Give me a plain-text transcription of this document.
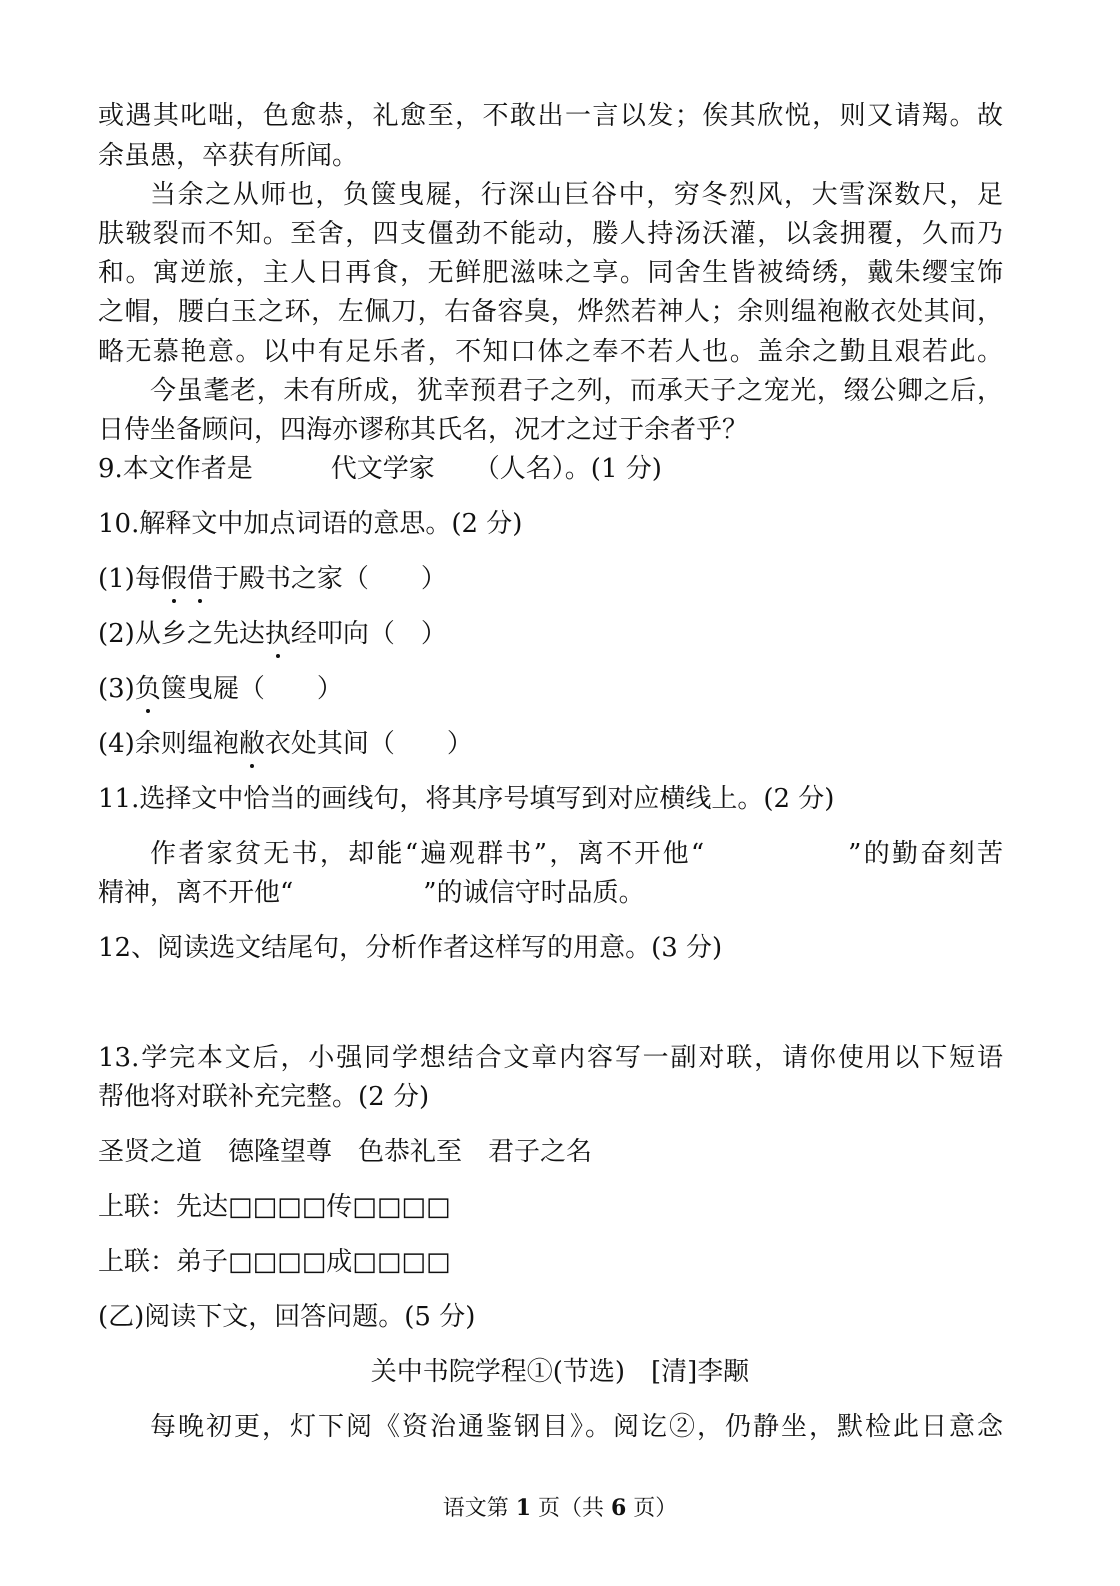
或遇其叱咄，色愈恭，礼愈至，不敢出一言以发；俟其欣悦，则又请羯。故
余虽愚，卒获有所闻。
当余之从师也，负箧曳屣，行深山巨谷中，穷冬烈风，大雪深数尺，足
肤皲裂而不知。至舍，四支僵劲不能动，媵人持汤沃灌，以衾拥覆，久而乃
和。寓逆旅，主人日再食，无鲜肥滋味之享。同舍生皆被绮绣，戴朱缨宝饰
之帽，腰白玉之环，左佩刀，右备容臭，烨然若神人；余则缊袍敝衣处其间，
略无慕艳意。以中有足乐者，不知口体之奉不若人也。盖余之勤且艰若此。
今虽耄老，未有所成，犹幸预君子之列，而承天子之宠光，缀公卿之后，
日侍坐备顾问，四海亦谬称其氏名，况才之过于余者乎？
9.本文作者是　　　代文学家　　（人名）。(1 分)
10.解释文中加点词语的意思。(2 分)
(1)每假借于殿书之家（　　）
(2)从乡之先达执经叩向（　）
(3)负箧曳屣（　　）
(4)余则缊袍敝衣处其间（　　）
11.选择文中恰当的画线句，将其序号填写到对应横线上。(2 分)
作者家贫无书，却能“遍观群书”，离不开他“　　　　　”的勤奋刻苦
精神，离不开他“　　　　　”的诚信守时品质。
12、阅读选文结尾句，分析作者这样写的用意。(3 分)
13.学完本文后，小强同学想结合文章内容写一副对联，请你使用以下短语
帮他将对联补充完整。(2 分)
圣贤之道　德隆望尊　色恭礼至　君子之名
上联：先达□□□□传□□□□
上联：弟子□□□□成□□□□
(乙)阅读下文，回答问题。(5 分)
关中书院学程①(节选)　[清]李颙
每晚初更，灯下阅《资治通鉴钢目》。阅讫②，仍静坐，默检此日意念
语文第 1 页（共 6 页）
